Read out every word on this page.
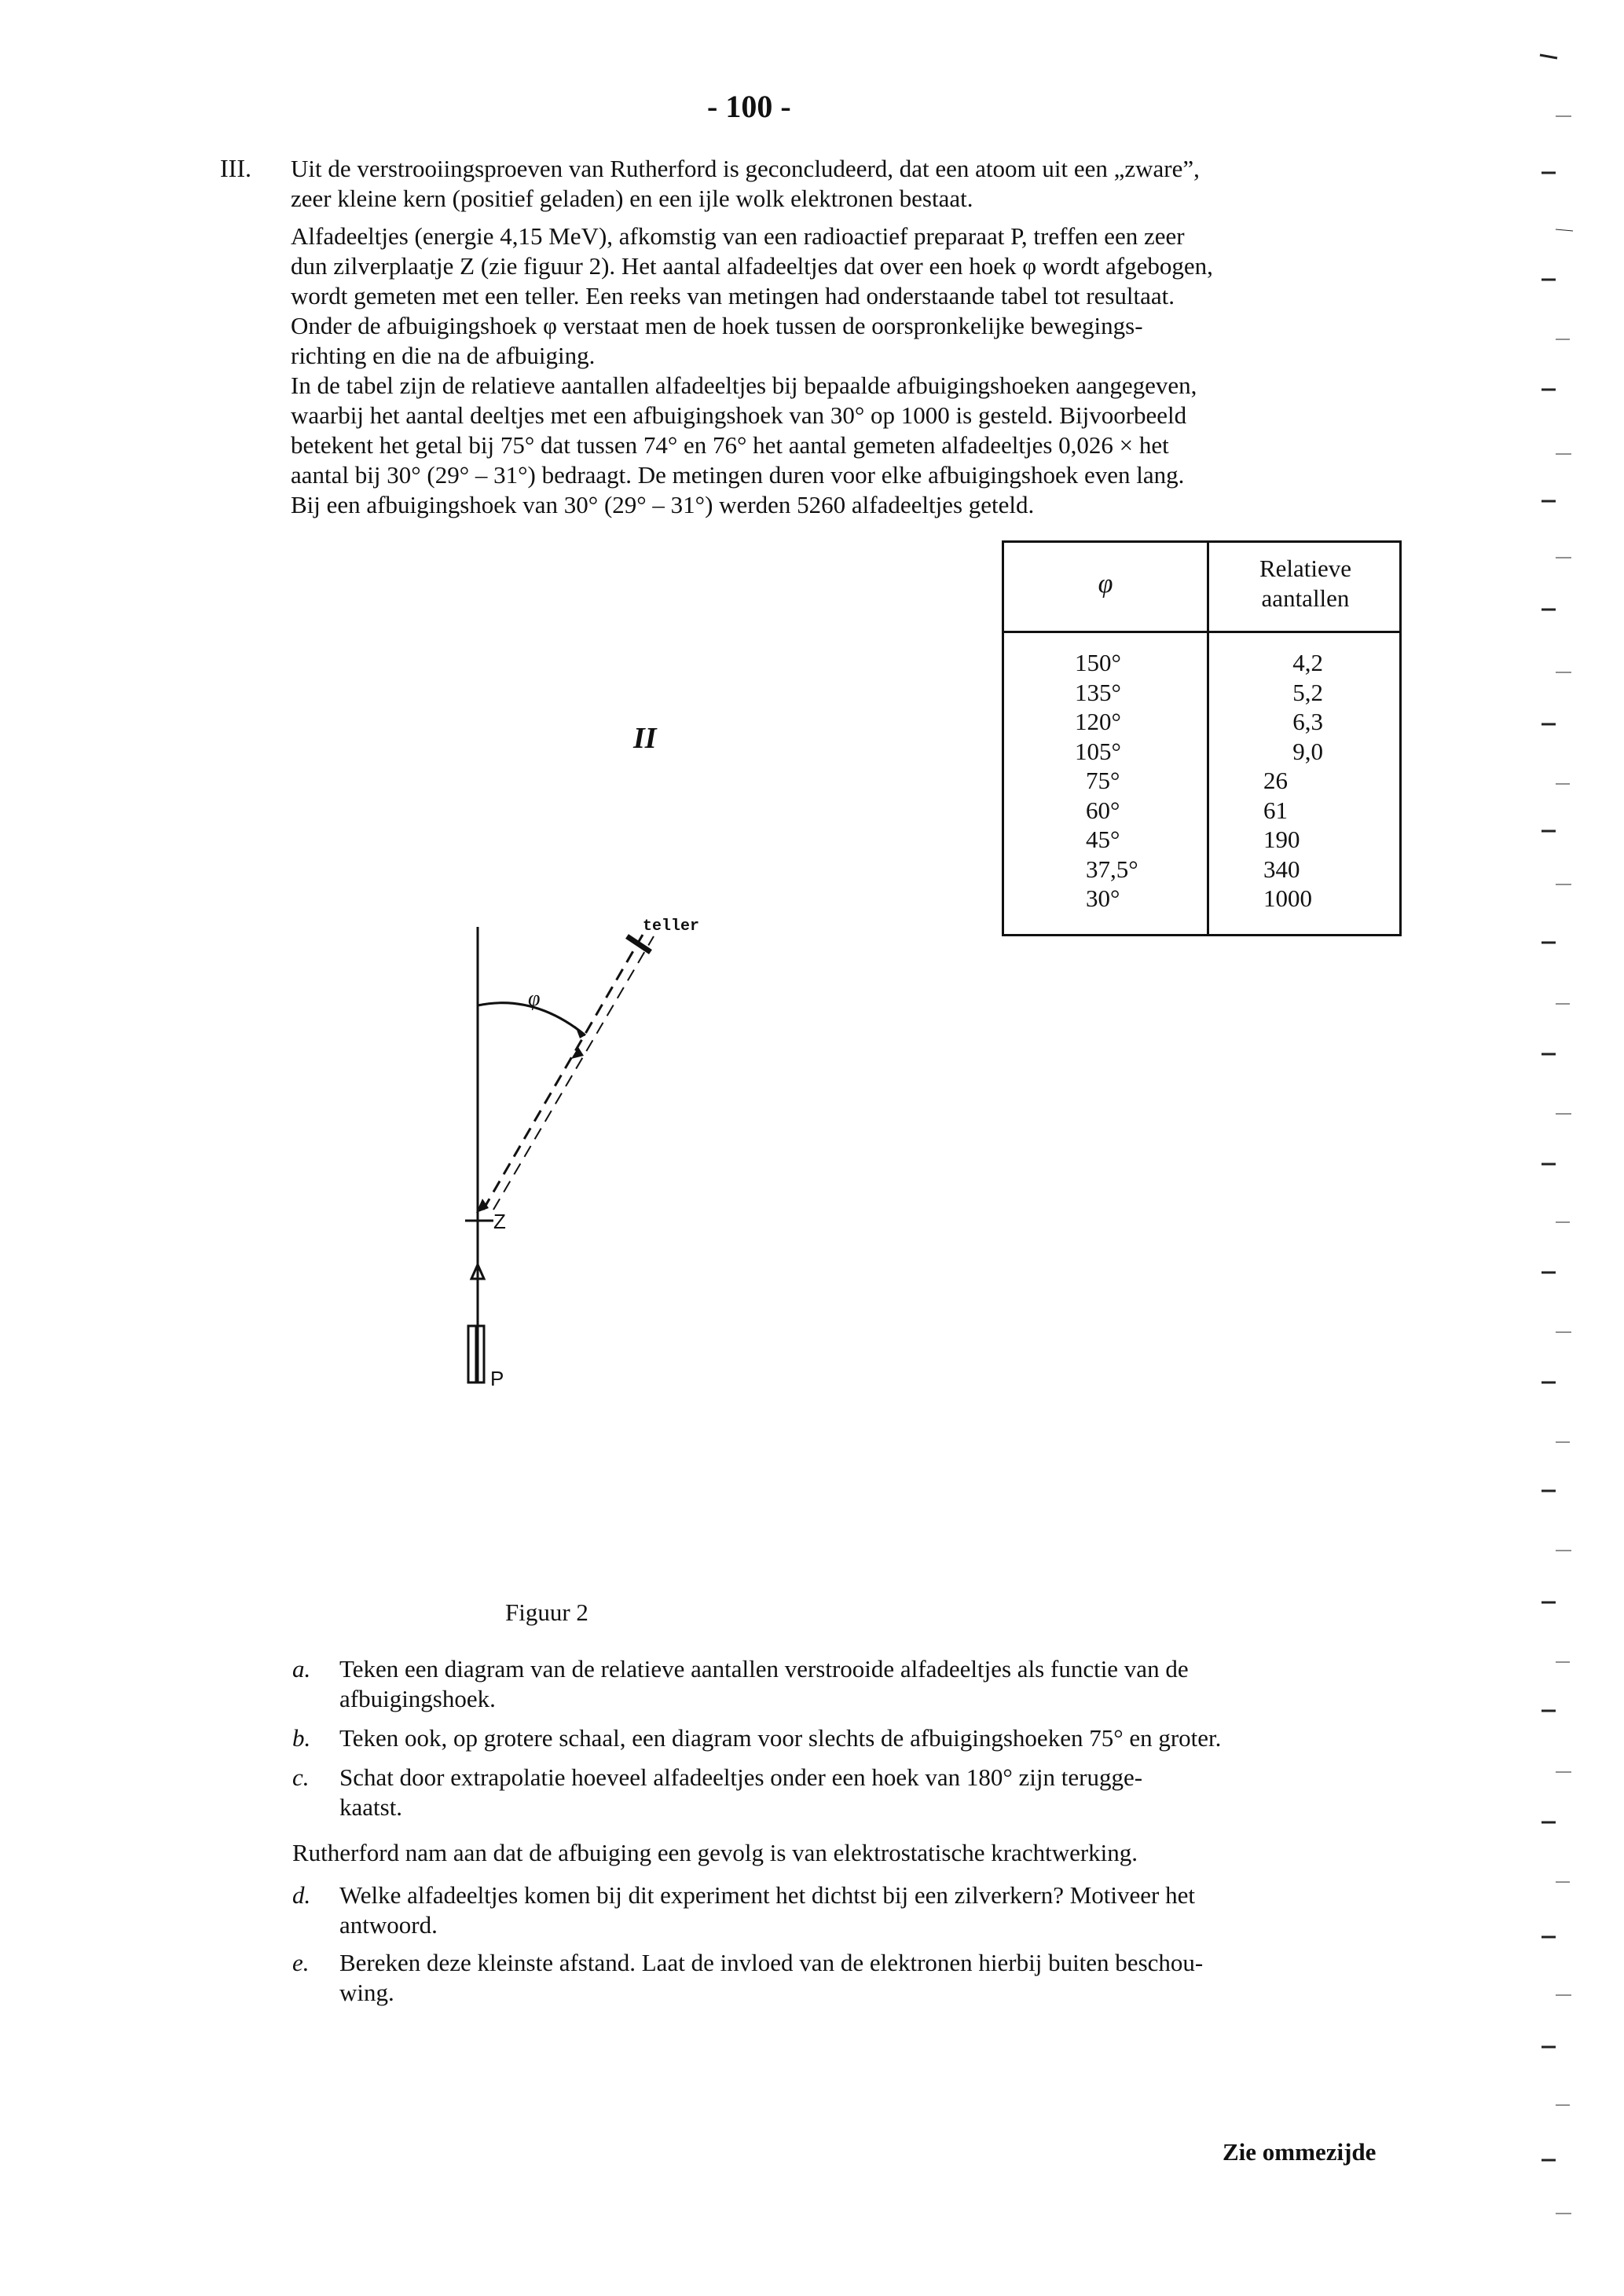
- 100 -
III. Uit de verstrooiingsproeven van Rutherford is geconcludeerd, dat een atoom uit een „zware”,
zeer kleine kern (positief geladen) en een ijle wolk elektronen bestaat.
Alfadeeltjes (energie 4,15 MeV), afkomstig van een radioactief preparaat P, treffen een zeer
dun zilverplaatje Z (zie figuur 2). Het aantal alfadeeltjes dat over een hoek φ wordt afgebogen,
wordt gemeten met een teller. Een reeks van metingen had onderstaande tabel tot resultaat.
Onder de afbuigingshoek φ verstaat men de hoek tussen de oorspronkelijke bewegings-
richting en die na de afbuiging.
In de tabel zijn de relatieve aantallen alfadeeltjes bij bepaalde afbuigingshoeken aangegeven,
waarbij het aantal deeltjes met een afbuigingshoek van 30° op 1000 is gesteld. Bijvoorbeeld
betekent het getal bij 75° dat tussen 74° en 76° het aantal gemeten alfadeeltjes 0,026 × het
aantal bij 30° (29° – 31°) bedraagt. De metingen duren voor elke afbuigingshoek even lang.
Bij een afbuigingshoek van 30° (29° – 31°) werden 5260 alfadeeltjes geteld.
φ
Relatieve
aantallen
150°
135°
120°
105°
75°
60°
45°
37,5°
30°
4,2
5,2
6,3
9,0
26
61
190
340
1000
II
teller
φ
Z
P
Figuur 2
a. Teken een diagram van de relatieve aantallen verstrooide alfadeeltjes als functie van de
afbuigingshoek.
b. Teken ook, op grotere schaal, een diagram voor slechts de afbuigingshoeken 75° en groter.
c. Schat door extrapolatie hoeveel alfadeeltjes onder een hoek van 180° zijn terugge-
kaatst.
Rutherford nam aan dat de afbuiging een gevolg is van elektrostatische krachtwerking.
d. Welke alfadeeltjes komen bij dit experiment het dichtst bij een zilverkern? Motiveer het
antwoord.
e. Bereken deze kleinste afstand. Laat de invloed van de elektronen hierbij buiten beschou-
wing.
Zie ommezijde
